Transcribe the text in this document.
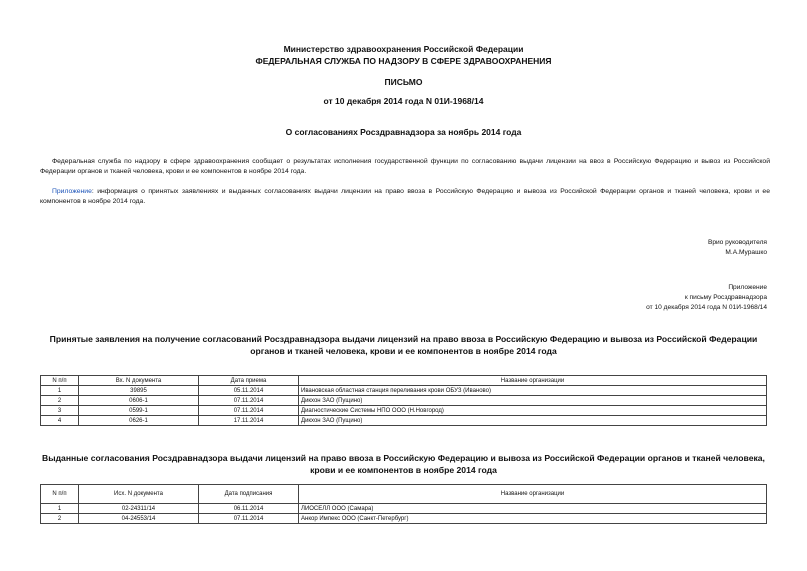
Министерство здравоохранения Российской Федерации
ФЕДЕРАЛЬНАЯ СЛУЖБА ПО НАДЗОРУ В СФЕРЕ ЗДРАВООХРАНЕНИЯ
ПИСЬМО
от 10 декабря 2014 года N 01И-1968/14
О согласованиях Росздравнадзора за ноябрь 2014 года
Федеральная служба по надзору в сфере здравоохранения сообщает о результатах исполнения государственной функции по согласованию выдачи лицензии на ввоз в Российскую Федерацию и вывоз из Российской Федерации органов и тканей человека, крови и ее компонентов в ноябре 2014 года.
Приложение: информация о принятых заявлениях и выданных согласованиях выдачи лицензии на право ввоза в Российскую Федерацию и вывоза из Российской Федерации органов и тканей человека, крови и ее компонентов в ноябре 2014 года.
Врио руководителя
М.А.Мурашко
Приложение
к письму Росздравнадзора
от 10 декабря 2014 года N 01И-1968/14
Принятые заявления на получение согласований Росздравнадзора выдачи лицензий на право ввоза в Российскую Федерацию и вывоза из Российской Федерации органов и тканей человека, крови и ее компонентов в ноябре 2014 года
N п/п	Вх. N документа	Дата приема	Название организации
1	39895	05.11.2014	Ивановская областная станция переливания крови ОБУЗ (Иваново)
2	0606-1	07.11.2014	Дикхон ЗАО (Пущино)
3	0599-1	07.11.2014	Диагностические Системы НПО ООО (Н.Новгород)
4	0626-1	17.11.2014	Дикхон ЗАО (Пущино)
Выданные согласования Росздравнадзора выдачи лицензий на право ввоза в Российскую Федерацию и вывоза из Российской Федерации органов и тканей человека, крови и ее компонентов в ноябре 2014 года
N п/п	Исх. N документа	Дата подписания	Название организации
1	02-24311/14	06.11.2014	ЛИОСЕЛЛ ООО (Самара)
2	04-24553/14	07.11.2014	Анкор Импекс ООО (Санкт-Петербург)
